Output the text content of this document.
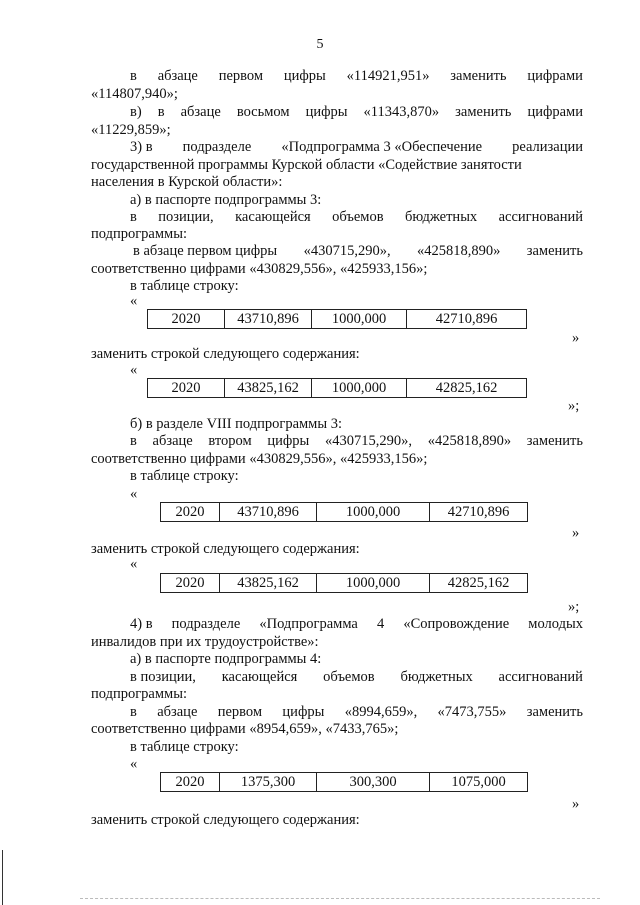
5
в абзаце первом цифры «114921,951» заменить цифрами
«114807,940»;
в) в абзаце восьмом цифры «11343,870» заменить цифрами
«11229,859»;
3) в подразделе «Подпрограмма 3 «Обеспечение реализации
государственной программы Курской области «Содействие занятости
населения в Курской области»:
а) в паспорте подпрограммы 3:
в позиции, касающейся объемов бюджетных ассигнований
подпрограммы:
в абзаце первом цифры «430715,290», «425818,890» заменить
соответственно цифрами «430829,556», «425933,156»;
в таблице строку:
«
2020	43710,896	1000,000	42710,896
»
заменить строкой следующего содержания:
«
2020	43825,162	1000,000	42825,162
»;
б) в разделе VIII подпрограммы 3:
в абзаце втором цифры «430715,290», «425818,890» заменить
соответственно цифрами «430829,556», «425933,156»;
в таблице строку:
«
2020	43710,896	1000,000	42710,896
»
заменить строкой следующего содержания:
«
2020	43825,162	1000,000	42825,162
»;
4) в подразделе «Подпрограмма 4 «Сопровождение молодых
инвалидов при их трудоустройстве»:
а) в паспорте подпрограммы 4:
в позиции, касающейся объемов бюджетных ассигнований
подпрограммы:
в абзаце первом цифры «8994,659», «7473,755» заменить
соответственно цифрами «8954,659», «7433,765»;
в таблице строку:
«
2020	1375,300	300,300	1075,000
»
заменить строкой следующего содержания:
